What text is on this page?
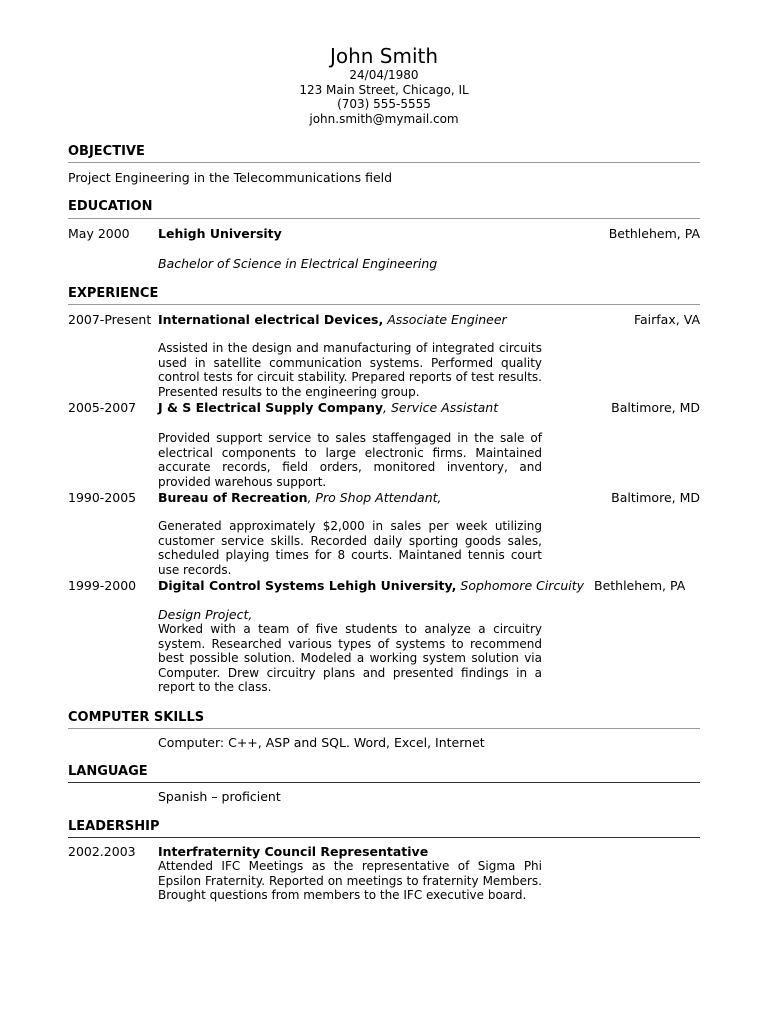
John Smith
24/04/1980
123 Main Street, Chicago, IL
(703) 555-5555
john.smith@mymail.com
OBJECTIVE
Project Engineering in the Telecommunications field
EDUCATION
May 2000 Lehigh University	Bethlehem, PA
Bachelor of Science in Electrical Engineering
EXPERIENCE
2007-Present International electrical Devices, Associate Engineer	Fairfax, VA
Assisted in the design and manufacturing of integrated circuits used in satellite communication systems. Performed quality control tests for circuit stability. Prepared reports of test results. Presented results to the engineering group.
2005-2007 J & S Electrical Supply Company, Service Assistant	Baltimore, MD
Provided support service to sales staffengaged in the sale of electrical components to large electronic firms. Maintained accurate records, field orders, monitored inventory, and provided warehous support.
1990-2005 Bureau of Recreation, Pro Shop Attendant,	Baltimore, MD
Generated approximately $2,000 in sales per week utilizing customer service skills. Recorded daily sporting goods sales, scheduled playing times for 8 courts. Maintaned tennis court use records.
1999-2000 Digital Control Systems Lehigh University, Sophomore Circuity Bethlehem, PA
Design Project,
Worked with a team of five students to analyze a circuitry system. Researched various types of systems to recommend best possible solution. Modeled a working system solution via Computer. Drew circuitry plans and presented findings in a report to the class.
COMPUTER SKILLS
Computer: C++, ASP and SQL. Word, Excel, Internet
LANGUAGE
Spanish – proficient
LEADERSHIP
2002.2003 Interfraternity Council Representative
Attended IFC Meetings as the representative of Sigma Phi Epsilon Fraternity. Reported on meetings to fraternity Members. Brought questions from members to the IFC executive board.
